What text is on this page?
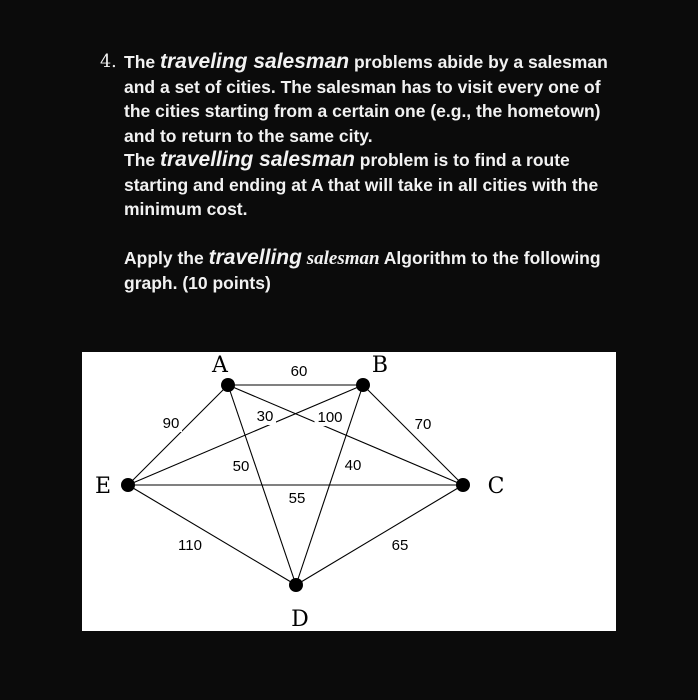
4. The traveling salesman problems abide by a salesman and a set of cities. The salesman has to visit every one of the cities starting from a certain one (e.g., the hometown) and to return to the same city.

The travelling salesman problem is to find a route starting and ending at A that will take in all cities with the minimum cost.

Apply the travelling salesman Algorithm to the following graph. (10 points)

60
90	30
50
100	70
40
55
110	65
A	B
C
D
E
